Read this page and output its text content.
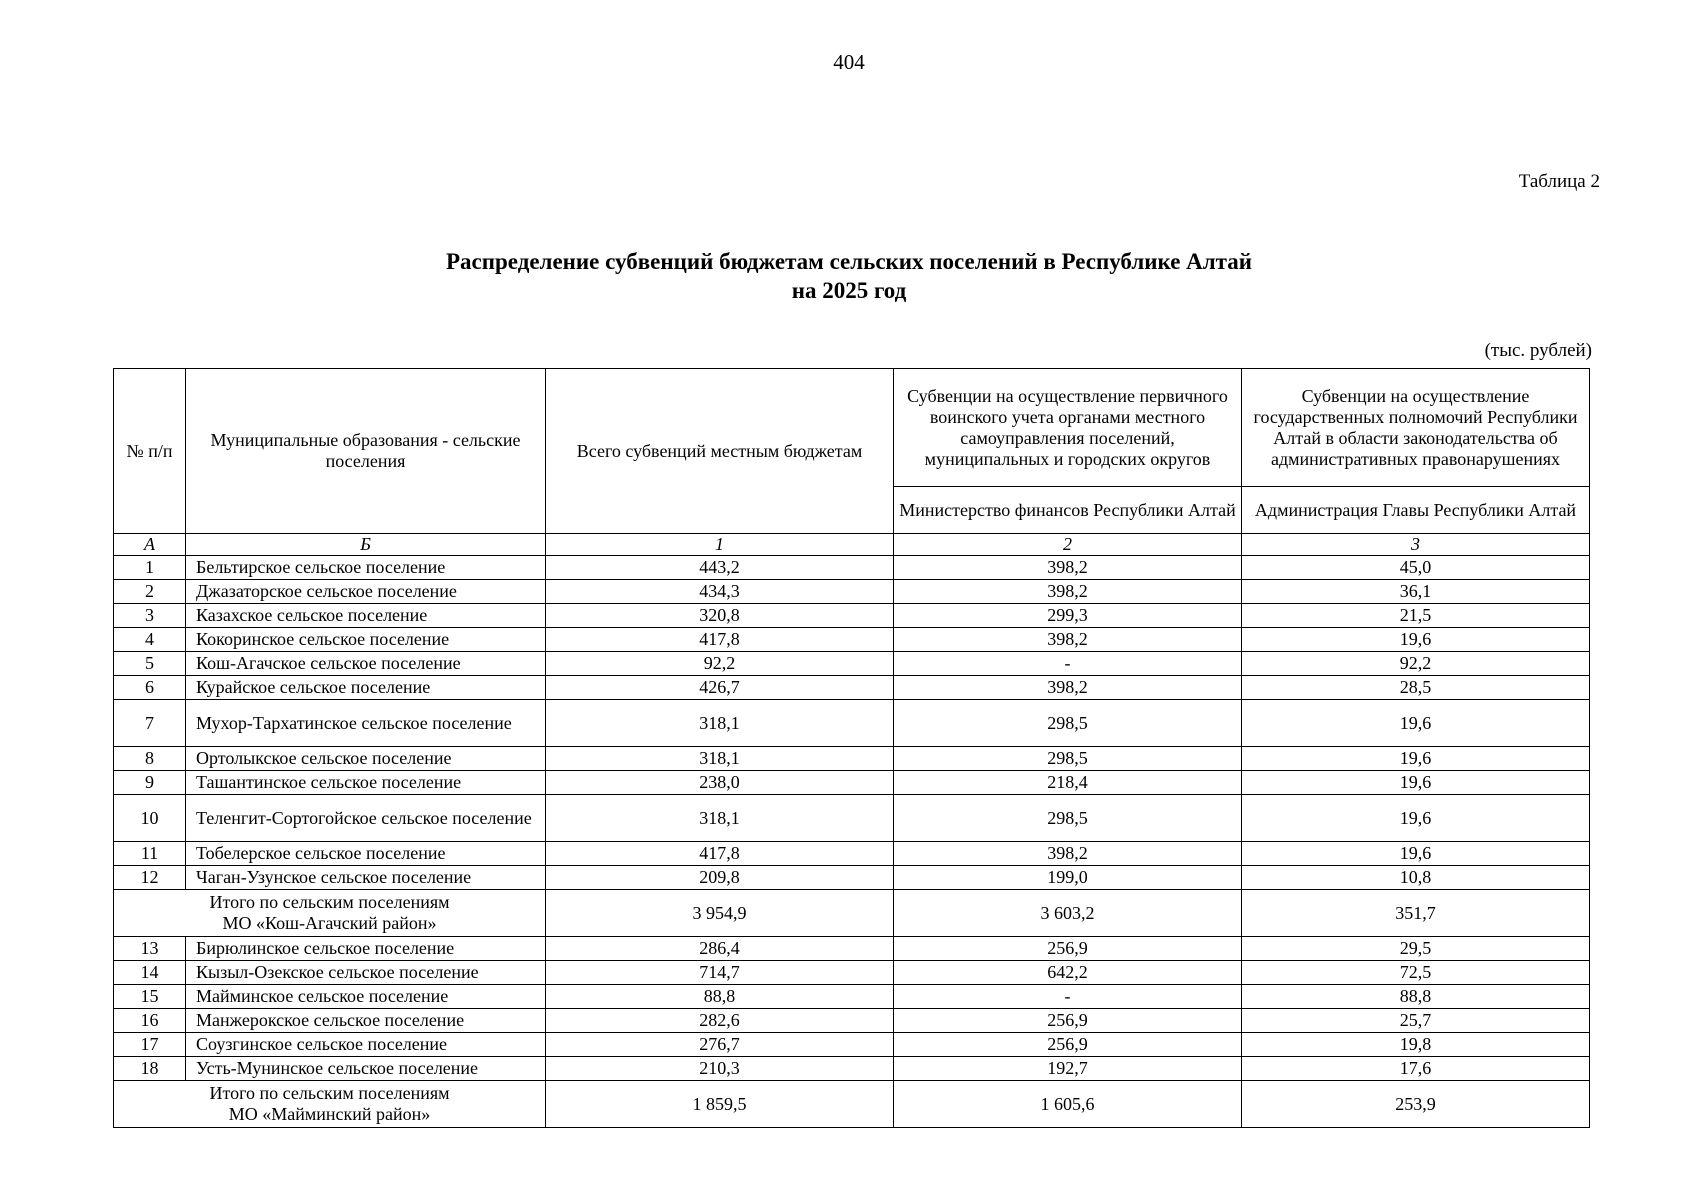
404
Таблица 2
Распределение субвенций бюджетам сельских поселений в Республике Алтай
на 2025 год
(тыс. рублей)
№ п/п	Муниципальные образования - сельские поселения	Всего субвенций местным бюджетам	Субвенции на осуществление первичного воинского учета органами местного самоуправления поселений, муниципальных и городских округов	Субвенции на осуществление государственных полномочий Республики Алтай в области законодательства об административных правонарушениях
			Министерство финансов Республики Алтай	Администрация Главы Республики Алтай
А	Б	1	2	3
1	Бельтирское сельское поселение	443,2	398,2	45,0
2	Джазаторское сельское поселение	434,3	398,2	36,1
3	Казахское сельское поселение	320,8	299,3	21,5
4	Кокоринское сельское поселение	417,8	398,2	19,6
5	Кош-Агачское сельское поселение	92,2	-	92,2
6	Курайское сельское поселение	426,7	398,2	28,5
7	Мухор-Тархатинское сельское поселение	318,1	298,5	19,6
8	Ортолыкское сельское поселение	318,1	298,5	19,6
9	Ташантинское сельское поселение	238,0	218,4	19,6
10	Теленгит-Сортогойское сельское поселение	318,1	298,5	19,6
11	Тобелерское сельское поселение	417,8	398,2	19,6
12	Чаган-Узунское сельское поселение	209,8	199,0	10,8

Итого по сельским поселениям
МО «Кош-Агачский район»		3 954,9	3 603,2	351,7
13	Бирюлинское сельское поселение	286,4	256,9	29,5
14	Кызыл-Озекское сельское поселение	714,7	642,2	72,5
15	Майминское сельское поселение	88,8	-	88,8
16	Манжерокское сельское поселение	282,6	256,9	25,7
17	Соузгинское сельское поселение	276,7	256,9	19,8
18	Усть-Мунинское сельское поселение	210,3	192,7	17,6

Итого по сельским поселениям
МО «Майминский район»		1 859,5	1 605,6	253,9
